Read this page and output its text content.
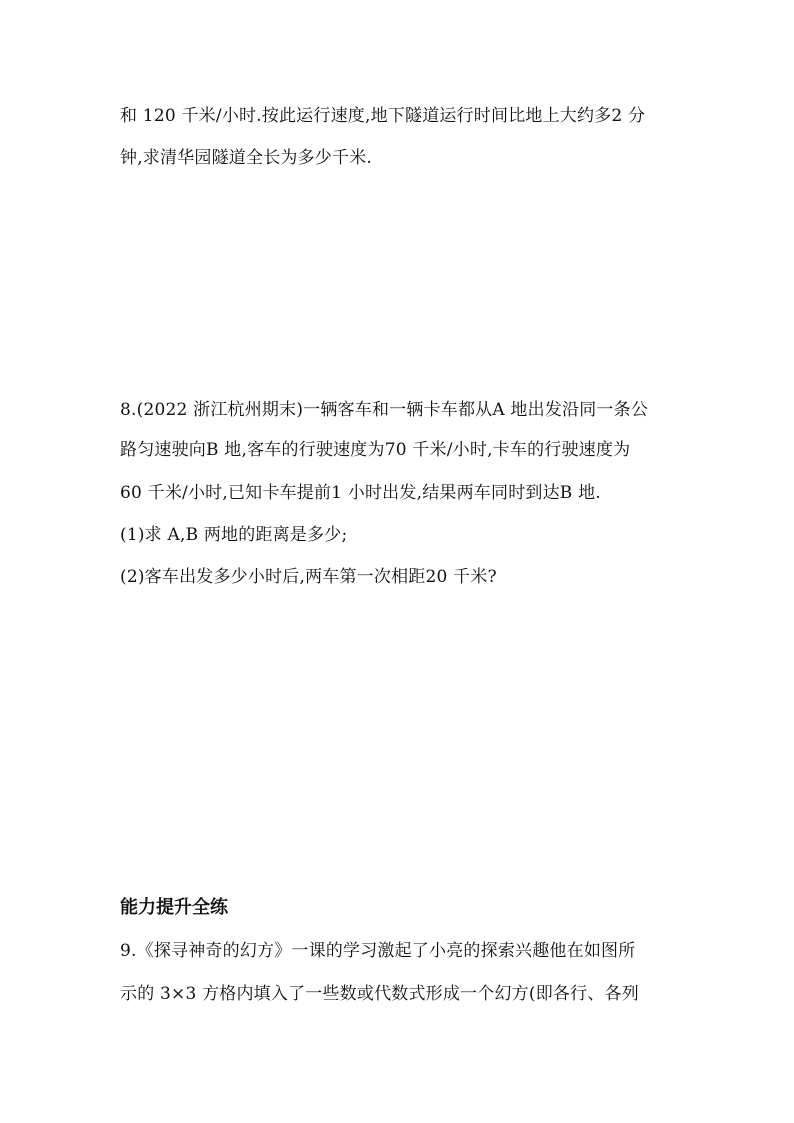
和 120 千米/小时.按此运行速度,地下隧道运行时间比地上大约多2 分
钟,求清华园隧道全长为多少千米.
8.(2022 浙江杭州期末)一辆客车和一辆卡车都从A 地出发沿同一条公
路匀速驶向B 地,客车的行驶速度为70 千米/小时,卡车的行驶速度为
60 千米/小时,已知卡车提前1 小时出发,结果两车同时到达B 地.
(1)求 A,B 两地的距离是多少;
(2)客车出发多少小时后,两车第一次相距20 千米?
能力提升全练
9.《探寻神奇的幻方》一课的学习激起了小亮的探索兴趣他在如图所
示的 3×3 方格内填入了一些数或代数式形成一个幻方(即各行、各列
